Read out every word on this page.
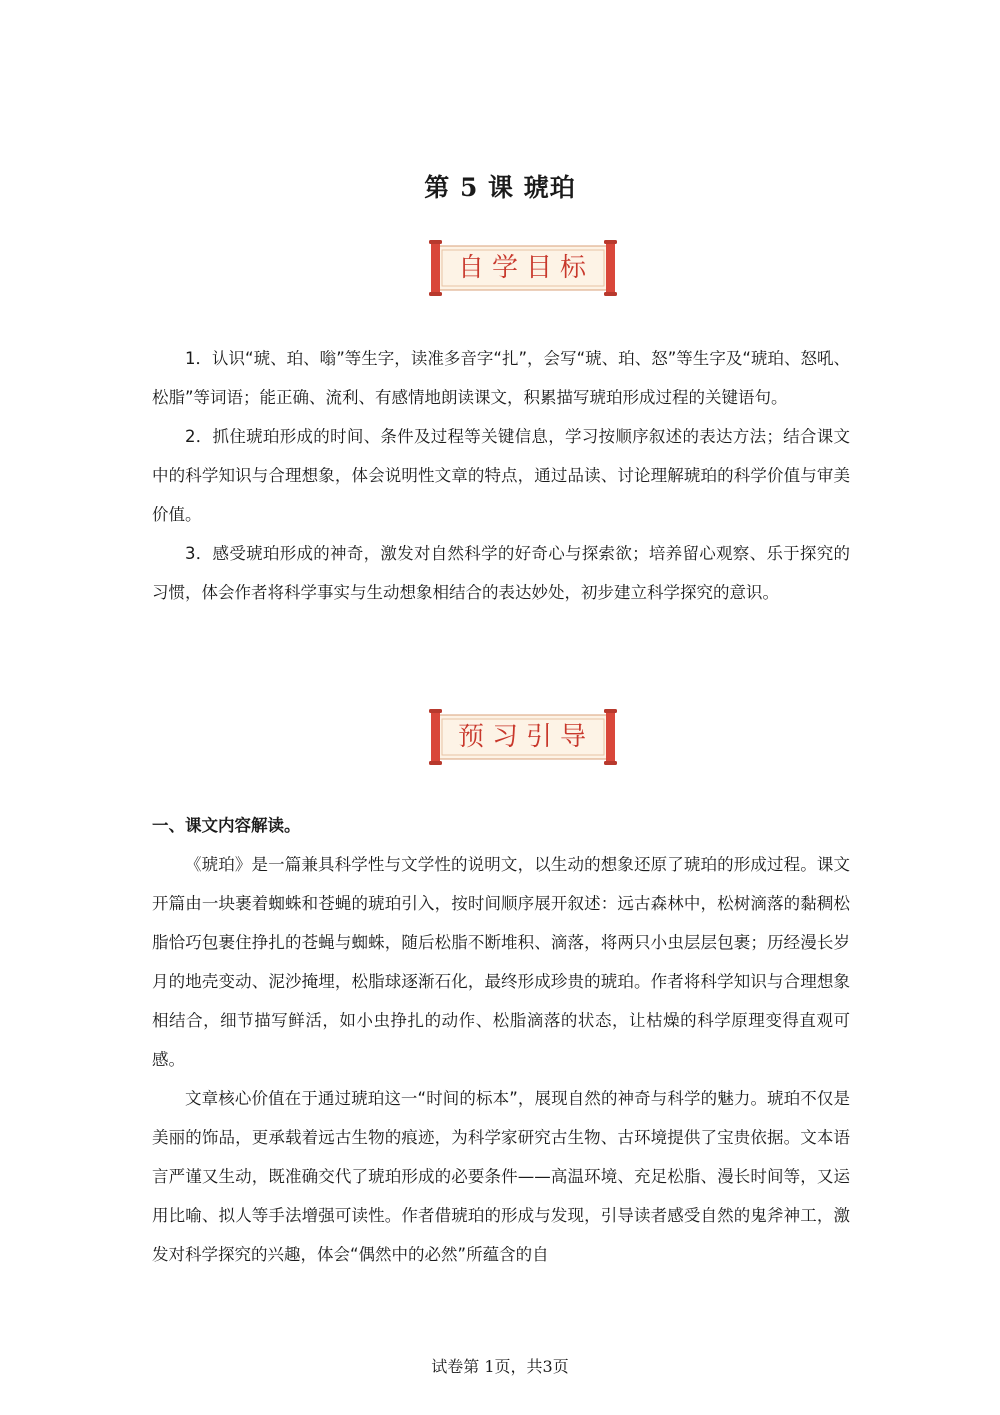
第 5 课 琥珀
自学目标

1．认识“琥、珀、嗡”等生字，读准多音字“扎”，会写“琥、珀、怒”等生字及“琥珀、怒吼、松脂”等词语；能正确、流利、有感情地朗读课文，积累描写琥珀形成过程的关键语句。

2．抓住琥珀形成的时间、条件及过程等关键信息，学习按顺序叙述的表达方法；结合课文中的科学知识与合理想象，体会说明性文章的特点，通过品读、讨论理解琥珀的科学价值与审美价值。

3．感受琥珀形成的神奇，激发对自然科学的好奇心与探索欲；培养留心观察、乐于探究的习惯，体会作者将科学事实与生动想象相结合的表达妙处，初步建立科学探究的意识。

预习引导
一、课文内容解读。

《琥珀》是一篇兼具科学性与文学性的说明文，以生动的想象还原了琥珀的形成过程。课文开篇由一块裹着蜘蛛和苍蝇的琥珀引入，按时间顺序展开叙述：远古森林中，松树滴落的黏稠松脂恰巧包裹住挣扎的苍蝇与蜘蛛，随后松脂不断堆积、滴落，将两只小虫层层包裹；历经漫长岁月的地壳变动、泥沙掩埋，松脂球逐渐石化，最终形成珍贵的琥珀。作者将科学知识与合理想象相结合，细节描写鲜活，如小虫挣扎的动作、松脂滴落的状态，让枯燥的科学原理变得直观可感。

文章核心价值在于通过琥珀这一“时间的标本”，展现自然的神奇与科学的魅力。琥珀不仅是美丽的饰品，更承载着远古生物的痕迹，为科学家研究古生物、古环境提供了宝贵依据。文本语言严谨又生动，既准确交代了琥珀形成的必要条件——高温环境、充足松脂、漫长时间等，又运用比喻、拟人等手法增强可读性。作者借琥珀的形成与发现，引导读者感受自然的鬼斧神工，激发对科学探究的兴趣，体会“偶然中的必然”所蕴含的自

试卷第 1页，共3页
